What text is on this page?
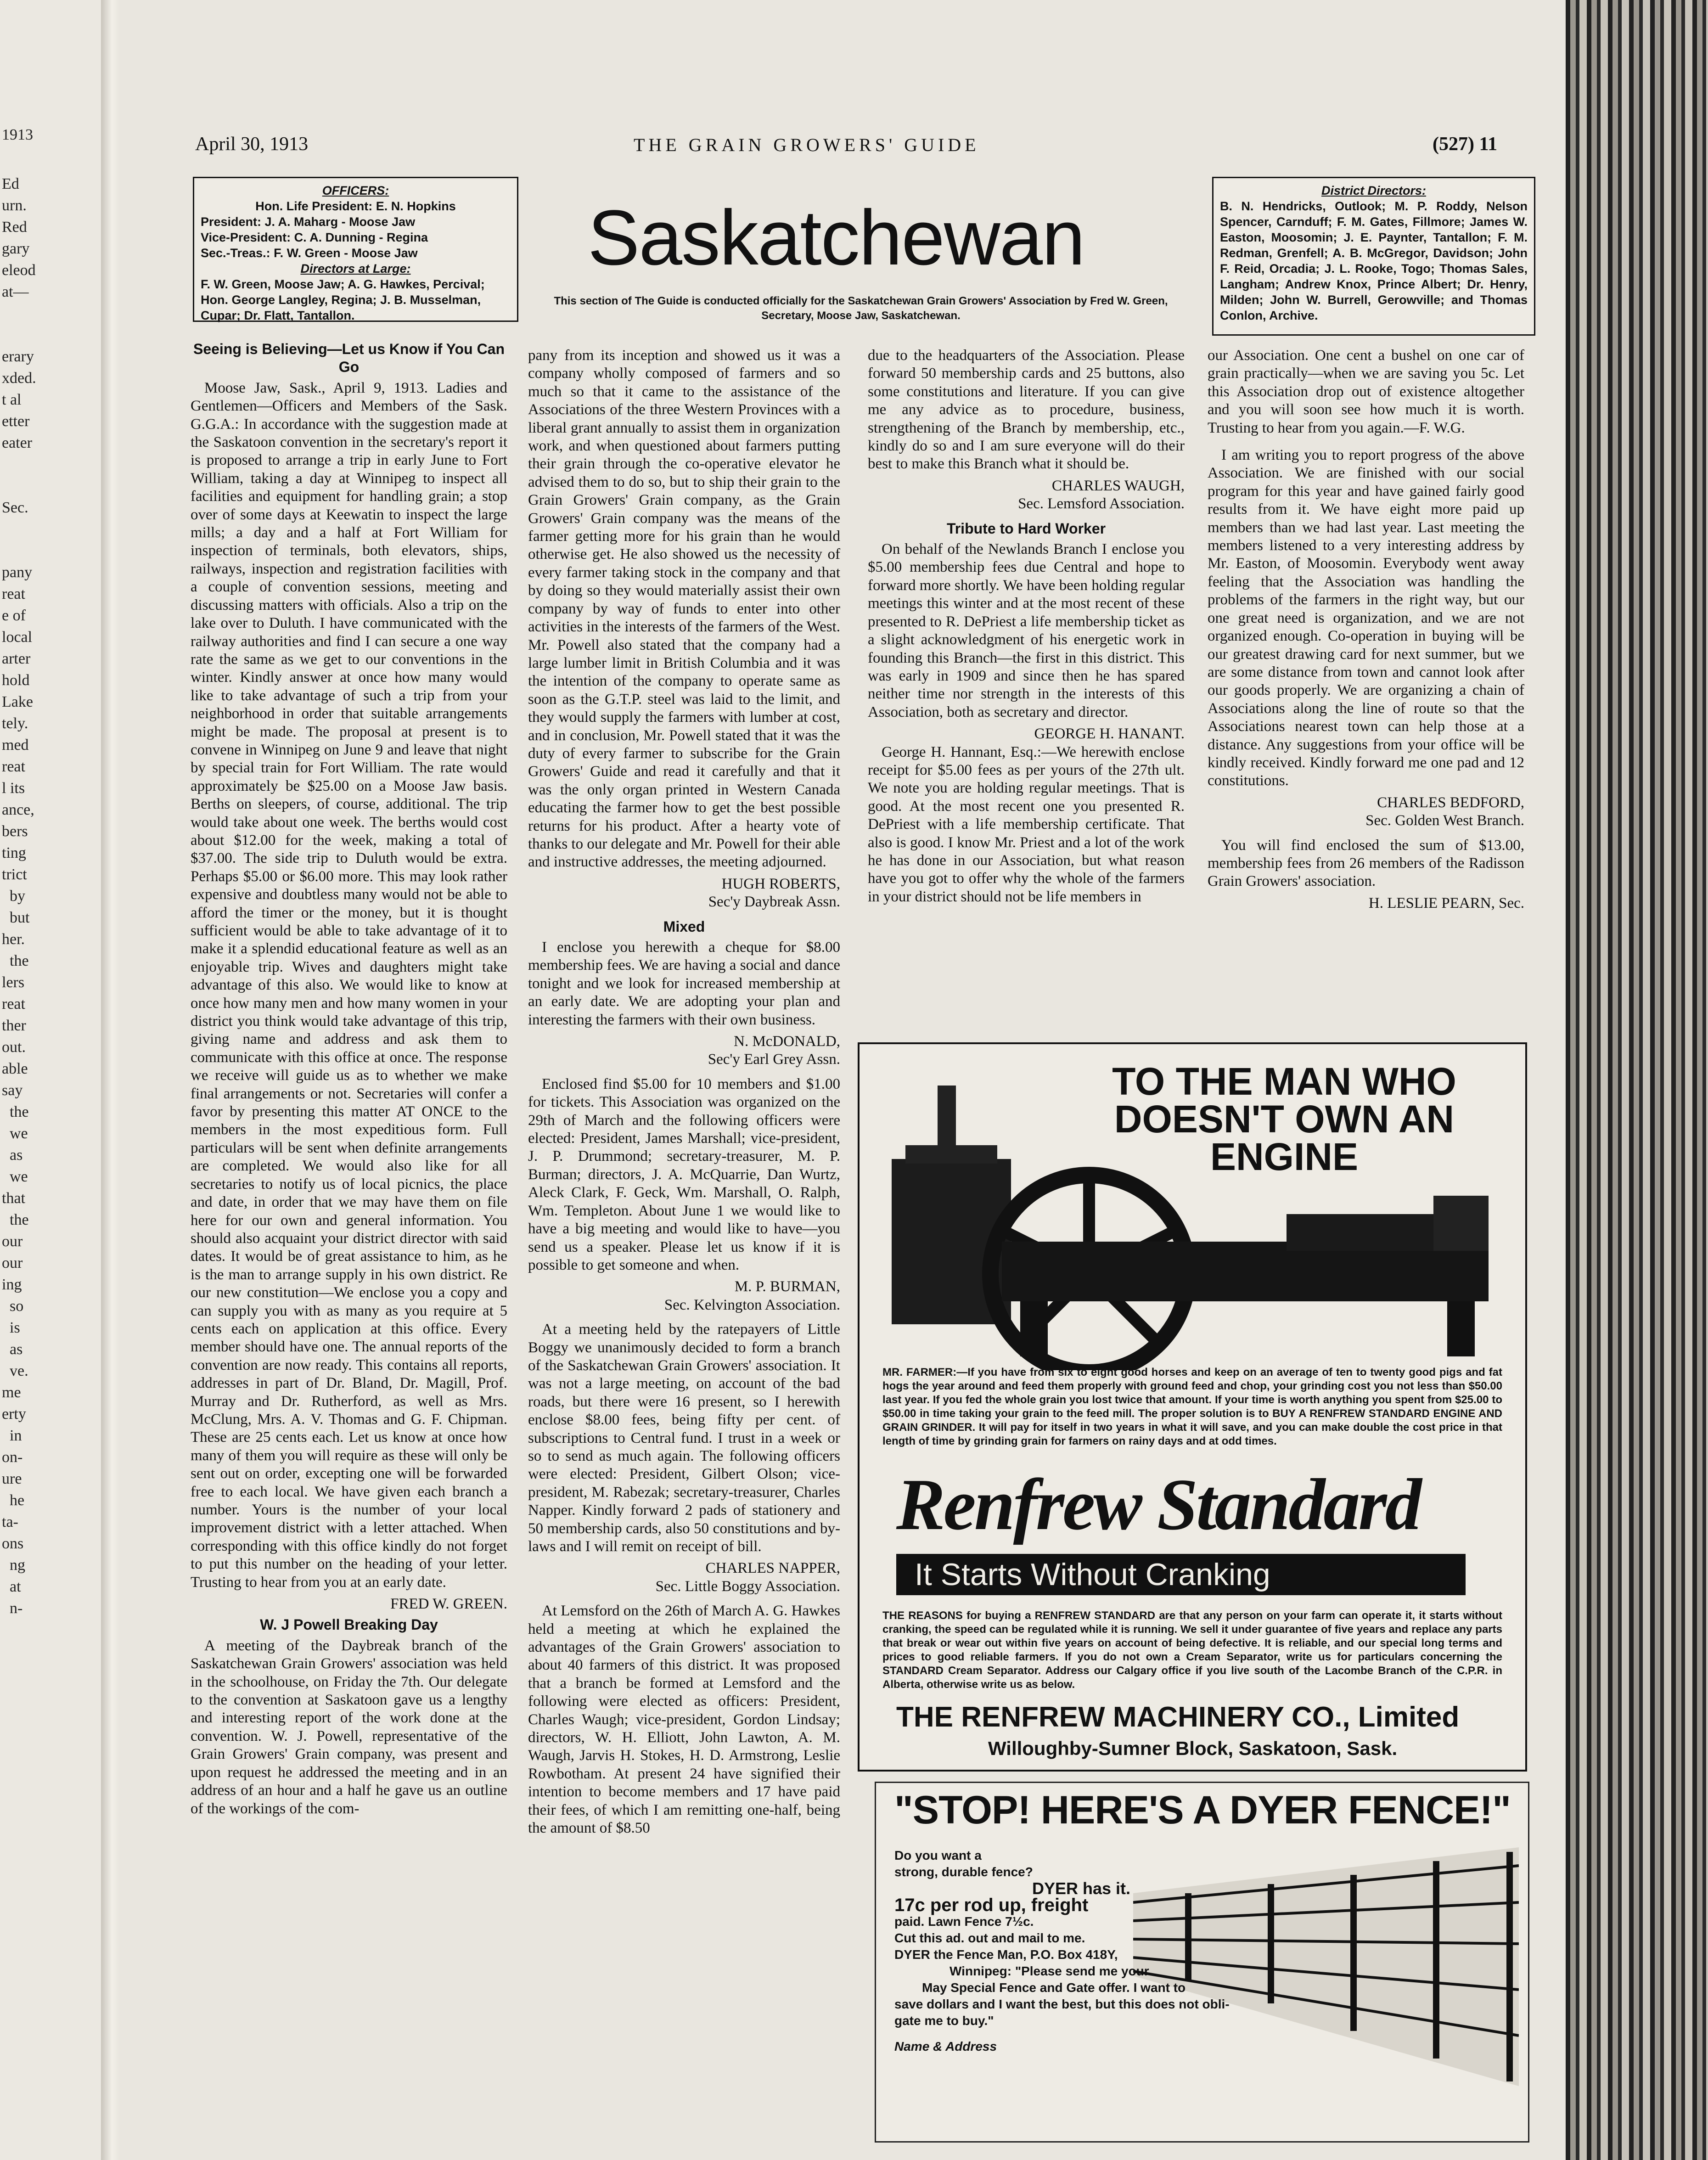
1913
Ed
urn.
Red
gary
eleod
at—

erary
xded.
t al
etter
eater

Sec.

pany
reat
e of
local
arter
hold
Lake
tely.
med
reat
l its
ance,
bers
ting
trict
by
but
her.
the
lers
reat
ther
out.
able
say
the
we
as
we
that
the
our
our
ing
so
is
as
ve.
me
erty
in
on-
ure
he
ta-
ons
ng
at
n-
April 30, 1913	THE GRAIN GROWERS' GUIDE	(527) 11
OFFICERS:
Hon. Life President: E. N. Hopkins
President: J. A. Maharg - Moose Jaw
Vice-President: C. A. Dunning - Regina
Sec.-Treas.: F. W. Green - Moose Jaw
Directors at Large:
F. W. Green, Moose Jaw; A. G. Hawkes, Percival; Hon. George Langley, Regina; J. B. Musselman, Cupar; Dr. Flatt, Tantallon.
District Directors:
B. N. Hendricks, Outlook; M. P. Roddy, Nelson Spencer, Carnduff; F. M. Gates, Fillmore; James W. Easton, Moosomin; J. E. Paynter, Tantallon; F. M. Redman, Grenfell; A. B. McGregor, Davidson; John F. Reid, Orcadia; J. L. Rooke, Togo; Thomas Sales, Langham; Andrew Knox, Prince Albert; Dr. Henry, Milden; John W. Burrell, Gerowville; and Thomas Conlon, Archive.
Saskatchewan
This section of The Guide is conducted officially for the Saskatchewan Grain Growers' Association by Fred W. Green, Secretary, Moose Jaw, Saskatchewan.
Seeing is Believing—Let us Know if You Can Go

Moose Jaw, Sask., April 9, 1913. Ladies and Gentlemen—Officers and Members of the Sask. G.G.A.: In accordance with the suggestion made at the Saskatoon convention in the secretary's report it is proposed to arrange a trip in early June to Fort William, taking a day at Winnipeg to inspect all facilities and equipment for handling grain; a stop over of some days at Keewatin to inspect the large mills; a day and a half at Fort William for inspection of terminals, both elevators, ships, railways, inspection and registration facilities with a couple of convention sessions, meeting and discussing matters with officials. Also a trip on the lake over to Duluth. I have communicated with the railway authorities and find I can secure a one way rate the same as we get to our conventions in the winter. Kindly answer at once how many would like to take advantage of such a trip from your neighborhood in order that suitable arrangements might be made. The proposal at present is to convene in Winnipeg on June 9 and leave that night by special train for Fort William. The rate would approximately be $25.00 on a Moose Jaw basis. Berths on sleepers, of course, additional. The trip would take about one week. The berths would cost about $12.00 for the week, making a total of $37.00. The side trip to Duluth would be extra. Perhaps $5.00 or $6.00 more. This may look rather expensive and doubtless many would not be able to afford the timer or the money, but it is thought sufficient would be able to take advantage of it to make it a splendid educational feature as well as an enjoyable trip. Wives and daughters might take advantage of this also. We would like to know at once how many men and how many women in your district you think would take advantage of this trip, giving name and address and ask them to communicate with this office at once. The response we receive will guide us as to whether we make final arrangements or not. Secretaries will confer a favor by presenting this matter AT ONCE to the members in the most expeditious form. Full particulars will be sent when definite arrangements are completed. We would also like for all secretaries to notify us of local picnics, the place and date, in order that we may have them on file here for our own and general information. You should also acquaint your district director with said dates. It would be of great assistance to him, as he is the man to arrange supply in his own district. Re our new constitution—We enclose you a copy and can supply you with as many as you require at 5 cents each on application at this office. Every member should have one. The annual reports of the convention are now ready. This contains all reports, addresses in part of Dr. Bland, Dr. Magill, Prof. Murray and Dr. Rutherford, as well as Mrs. McClung, Mrs. A. V. Thomas and G. F. Chipman. These are 25 cents each. Let us know at once how many of them you will require as these will only be sent out on order, excepting one will be forwarded free to each local. We have given each branch a number. Yours is the number of your local improvement district with a letter attached. When corresponding with this office kindly do not forget to put this number on the heading of your letter. Trusting to hear from you at an early date.

FRED W. GREEN.

W. J Powell Breaking Day

A meeting of the Daybreak branch of the Saskatchewan Grain Growers' association was held in the schoolhouse, on Friday the 7th. Our delegate to the convention at Saskatoon gave us a lengthy and interesting report of the work done at the convention. W. J. Powell, representative of the Grain Growers' Grain company, was present and upon request he addressed the meeting and in an address of an hour and a half he gave us an outline of the workings of the com-

pany from its inception and showed us it was a company wholly composed of farmers and so much so that it came to the assistance of the Associations of the three Western Provinces with a liberal grant annually to assist them in organization work, and when questioned about farmers putting their grain through the co-operative elevator he advised them to do so, but to ship their grain to the Grain Growers' Grain company, as the Grain Growers' Grain company was the means of the farmer getting more for his grain than he would otherwise get. He also showed us the necessity of every farmer taking stock in the company and that by doing so they would materially assist their own company by way of funds to enter into other activities in the interests of the farmers of the West. Mr. Powell also stated that the company had a large lumber limit in British Columbia and it was the intention of the company to operate same as soon as the G.T.P. steel was laid to the limit, and they would supply the farmers with lumber at cost, and in conclusion, Mr. Powell stated that it was the duty of every farmer to subscribe for the Grain Growers' Guide and read it carefully and that it was the only organ printed in Western Canada educating the farmer how to get the best possible returns for his product. After a hearty vote of thanks to our delegate and Mr. Powell for their able and instructive addresses, the meeting adjourned.

HUGH ROBERTS,

Sec'y Daybreak Assn.

Mixed

I enclose you herewith a cheque for $8.00 membership fees. We are having a social and dance tonight and we look for increased membership at an early date. We are adopting your plan and interesting the farmers with their own business.

N. McDONALD,

Sec'y Earl Grey Assn.

Enclosed find $5.00 for 10 members and $1.00 for tickets. This Association was organized on the 29th of March and the following officers were elected: President, James Marshall; vice-president, J. P. Drummond; secretary-treasurer, M. P. Burman; directors, J. A. McQuarrie, Dan Wurtz, Aleck Clark, F. Geck, Wm. Marshall, O. Ralph, Wm. Templeton. About June 1 we would like to have a big meeting and would like to have—you send us a speaker. Please let us know if it is possible to get someone and when.

M. P. BURMAN,

Sec. Kelvington Association.

At a meeting held by the ratepayers of Little Boggy we unanimously decided to form a branch of the Saskatchewan Grain Growers' association. It was not a large meeting, on account of the bad roads, but there were 16 present, so I herewith enclose $8.00 fees, being fifty per cent. of subscriptions to Central fund. I trust in a week or so to send as much again. The following officers were elected: President, Gilbert Olson; vice-president, M. Rabezak; secretary-treasurer, Charles Napper. Kindly forward 2 pads of stationery and 50 membership cards, also 50 constitutions and by-laws and I will remit on receipt of bill.

CHARLES NAPPER,

Sec. Little Boggy Association.

At Lemsford on the 26th of March A. G. Hawkes held a meeting at which he explained the advantages of the Grain Growers' association to about 40 farmers of this district. It was proposed that a branch be formed at Lemsford and the following were elected as officers: President, Charles Waugh; vice-president, Gordon Lindsay; directors, W. H. Elliott, John Lawton, A. M. Waugh, Jarvis H. Stokes, H. D. Armstrong, Leslie Rowbotham. At present 24 have signified their intention to become members and 17 have paid their fees, of which I am remitting one-half, being the amount of $8.50

due to the headquarters of the Association. Please forward 50 membership cards and 25 buttons, also some constitutions and literature. If you can give me any advice as to procedure, business, strengthening of the Branch by membership, etc., kindly do so and I am sure everyone will do their best to make this Branch what it should be.

CHARLES WAUGH,

Sec. Lemsford Association.

Tribute to Hard Worker

On behalf of the Newlands Branch I enclose you $5.00 membership fees due Central and hope to forward more shortly. We have been holding regular meetings this winter and at the most recent of these presented to R. DePriest a life membership ticket as a slight acknowledgment of his energetic work in founding this Branch—the first in this district. This was early in 1909 and since then he has spared neither time nor strength in the interests of this Association, both as secretary and director.

GEORGE H. HANANT.

George H. Hannant, Esq.:—We herewith enclose receipt for $5.00 fees as per yours of the 27th ult. We note you are holding regular meetings. That is good. At the most recent one you presented R. DePriest with a life membership certificate. That also is good. I know Mr. Priest and a lot of the work he has done in our Association, but what reason have you got to offer why the whole of the farmers in your district should not be life members in

our Association. One cent a bushel on one car of grain practically—when we are saving you 5c. Let this Association drop out of existence altogether and you will soon see how much it is worth. Trusting to hear from you again.—F. W.G.

I am writing you to report progress of the above Association. We are finished with our social program for this year and have gained fairly good results from it. We have eight more paid up members than we had last year. Last meeting the members listened to a very interesting address by Mr. Easton, of Moosomin. Everybody went away feeling that the Association was handling the problems of the farmers in the right way, but our one great need is organization, and we are not organized enough. Co-operation in buying will be our greatest drawing card for next summer, but we are some distance from town and cannot look after our goods properly. We are organizing a chain of Associations along the line of route so that the Associations nearest town can help those at a distance. Any suggestions from your office will be kindly received. Kindly forward me one pad and 12 constitutions.

CHARLES BEDFORD,

Sec. Golden West Branch.

You will find enclosed the sum of $13.00, membership fees from 26 members of the Radisson Grain Growers' association.

H. LESLIE PEARN, Sec.

TO THE MAN WHO DOESN'T OWN AN ENGINE
MR. FARMER:—If you have from six to eight good horses and keep on an average of ten to twenty good pigs and fat hogs the year around and feed them properly with ground feed and chop, your grinding cost you not less than $50.00 last year. If you fed the whole grain you lost twice that amount. If your time is worth anything you spent from $25.00 to $50.00 in time taking your grain to the feed mill. The proper solution is to BUY A RENFREW STANDARD ENGINE AND GRAIN GRINDER. It will pay for itself in two years in what it will save, and you can make double the cost price in that length of time by grinding grain for farmers on rainy days and at odd times.
Renfrew Standard
It Starts Without Cranking
THE REASONS for buying a RENFREW STANDARD are that any person on your farm can operate it, it starts without cranking, the speed can be regulated while it is running. We sell it under guarantee of five years and replace any parts that break or wear out within five years on account of being defective. It is reliable, and our special long terms and prices to good reliable farmers. If you do not own a Cream Separator, write us for particulars concerning the STANDARD Cream Separator. Address our Calgary office if you live south of the Lacombe Branch of the C.P.R. in Alberta, otherwise write us as below.
THE RENFREW MACHINERY CO., Limited
Willoughby-Sumner Block, Saskatoon, Sask.
"STOP! HERE'S A DYER FENCE!"
Do you want a
strong, durable fence?
DYER has it.
17c per rod up, freight
paid. Lawn Fence 7½c.
Cut this ad. out and mail to me.
DYER the Fence Man, P.O. Box 418Y,
Winnipeg: "Please send me your
May Special Fence and Gate offer. I want to
save dollars and I want the best, but this does not obli-
gate me to buy."
Name & Address
